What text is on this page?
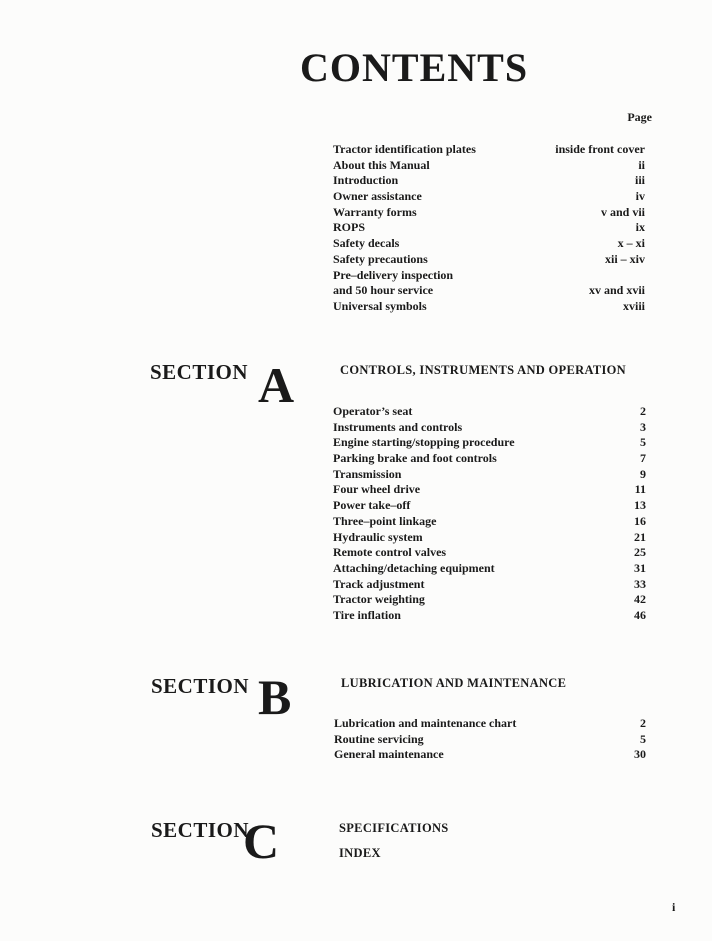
CONTENTS
Page
Tractor identification plates	inside front cover
About this Manual	ii
Introduction	iii
Owner assistance	iv
Warranty forms	v and vii
ROPS	ix
Safety decals	x – xi
Safety precautions	xii – xiv
Pre–delivery inspection
and 50 hour service	xv and xvii
Universal symbols	xviii
SECTION A	CONTROLS, INSTRUMENTS AND OPERATION
Operator’s seat	2
Instruments and controls	3
Engine starting/stopping procedure	5
Parking brake and foot controls	7
Transmission	9
Four wheel drive	11
Power take–off	13
Three–point linkage	16
Hydraulic system	21
Remote control valves	25
Attaching/detaching equipment	31
Track adjustment	33
Tractor weighting	42
Tire inflation	46
SECTION B	LUBRICATION AND MAINTENANCE
Lubrication and maintenance chart	2
Routine servicing	5
General maintenance	30
SECTION
C	SPECIFICATIONS
INDEX
i
